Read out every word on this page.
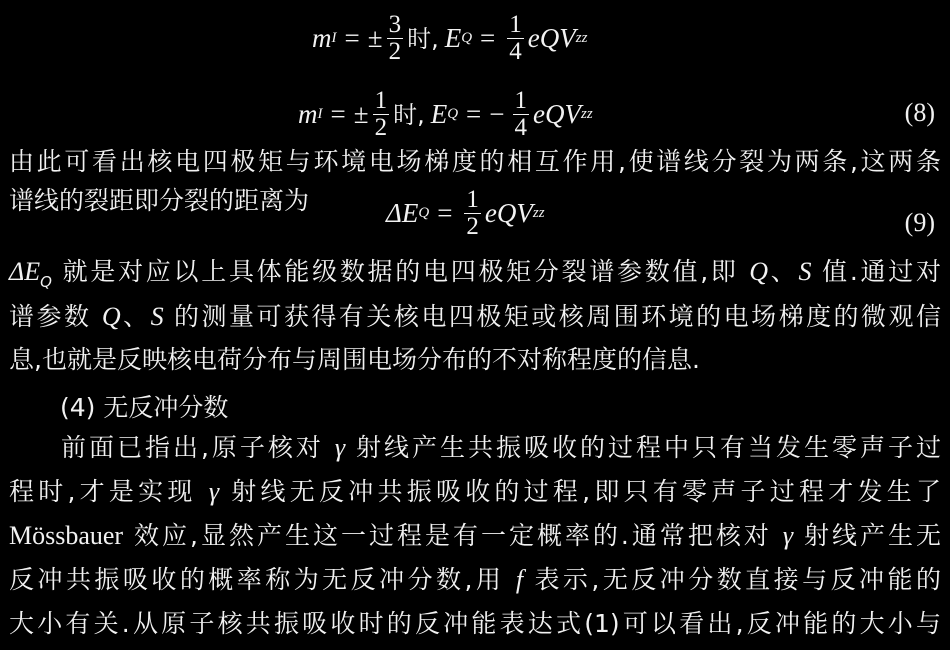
m I = ± $\frac{3}{2}$ 时 , E $Q = \frac{1}{4}$ eQV zz
m I = ± $\frac{1}{2}$ 时 , E Q = − $\frac{1}{4}$ eQV zz	(8)
由此可看出核电四极矩与环境电场梯度的相互作用,使谱线分裂为两条,这两条
谱线的裂距即分裂的距离为	ΔE $Q = \frac{1}{2}$ eQV zz	(9)
$\Delta E_Q$ 就是对应以上具体能级数据的电四极矩分裂谱参数值,即 Q、S 值.通过对
谱参数 Q、S 的测量可获得有关核电四极矩或核周围环境的电场梯度的微观信
息,也就是反映核电荷分布与周围电场分布的不对称程度的信息.
(4) 无反冲分数
前面已指出,原子核对 γ 射线产生共振吸收的过程中只有当发生零声子过
程时,才是实现 γ 射线无反冲共振吸收的过程,即只有零声子过程才发生了
Mössbauer 效应,显然产生这一过程是有一定概率的.通常把核对 γ 射线产生无
反冲共振吸收的概率称为无反冲分数,用 f 表示,无反冲分数直接与反冲能的
大小有关.从原子核共振吸收时的反冲能表达式(1)可以看出,反冲能的大小与
